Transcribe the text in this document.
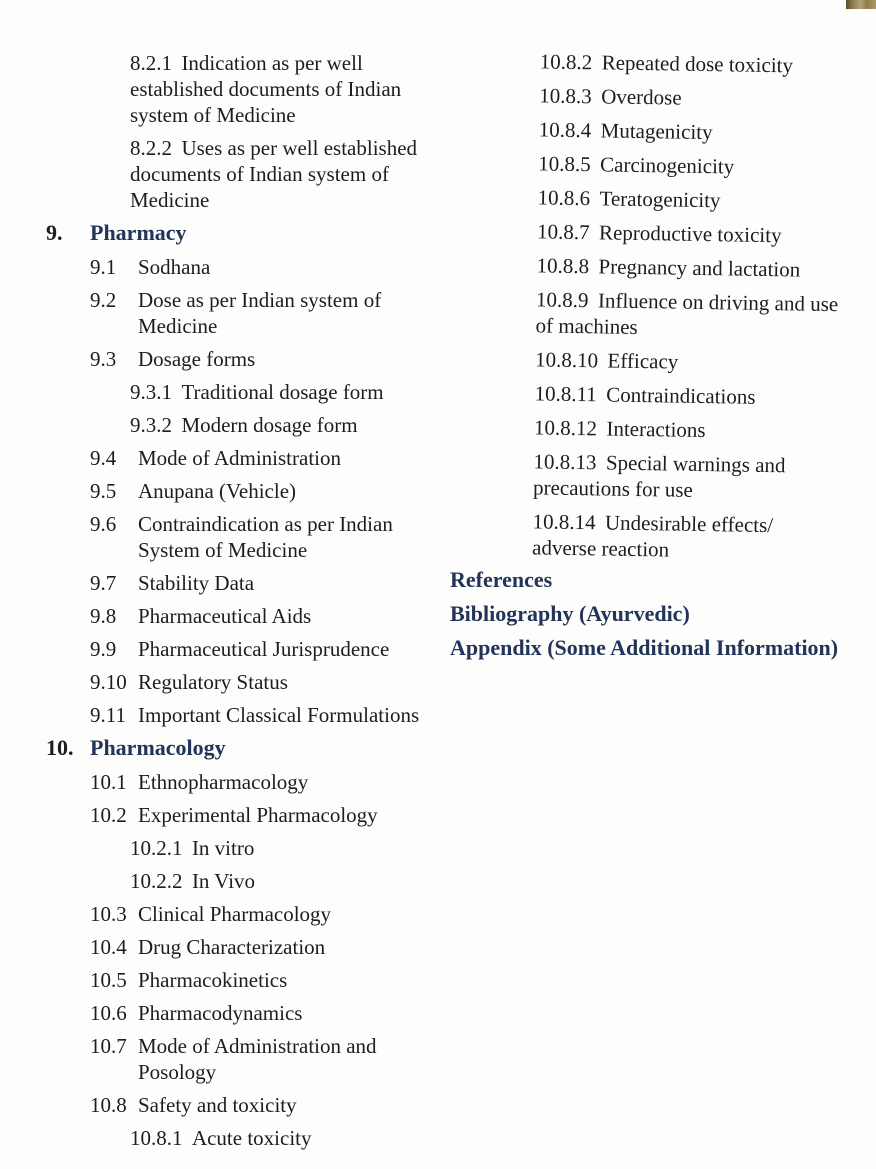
8.2.1 Indication as per well established documents of Indian system of Medicine
8.2.2 Uses as per well established documents of Indian system of Medicine
9.	Pharmacy
9.1	Sodhana
9.2	Dose as per Indian system of Medicine
9.3	Dosage forms
9.3.1 Traditional dosage form
9.3.2 Modern dosage form
9.4	Mode of Administration
9.5	Anupana (Vehicle)
9.6	Contraindication as per Indian System of Medicine
9.7	Stability Data
9.8	Pharmaceutical Aids
9.9	Pharmaceutical Jurisprudence
9.10 Regulatory Status
9.11 Important Classical Formulations
10. Pharmacology
10.1 Ethnopharmacology
10.2 Experimental Pharmacology
10.2.1 In vitro
10.2.2 In Vivo
10.3 Clinical Pharmacology
10.4 Drug Characterization
10.5 Pharmacokinetics
10.6 Pharmacodynamics
10.7 Mode of Administration and Posology
10.8 Safety and toxicity
10.8.1 Acute toxicity
10.8.2 Repeated dose toxicity
10.8.3 Overdose
10.8.4 Mutagenicity
10.8.5 Carcinogenicity
10.8.6 Teratogenicity
10.8.7 Reproductive toxicity
10.8.8 Pregnancy and lactation
10.8.9 Influence on driving and use of machines
10.8.10 Efficacy
10.8.11 Contraindications
10.8.12 Interactions
10.8.13 Special warnings and precautions for use
10.8.14 Undesirable effects/ adverse reaction
References
Bibliography (Ayurvedic)
Appendix (Some Additional Information)
